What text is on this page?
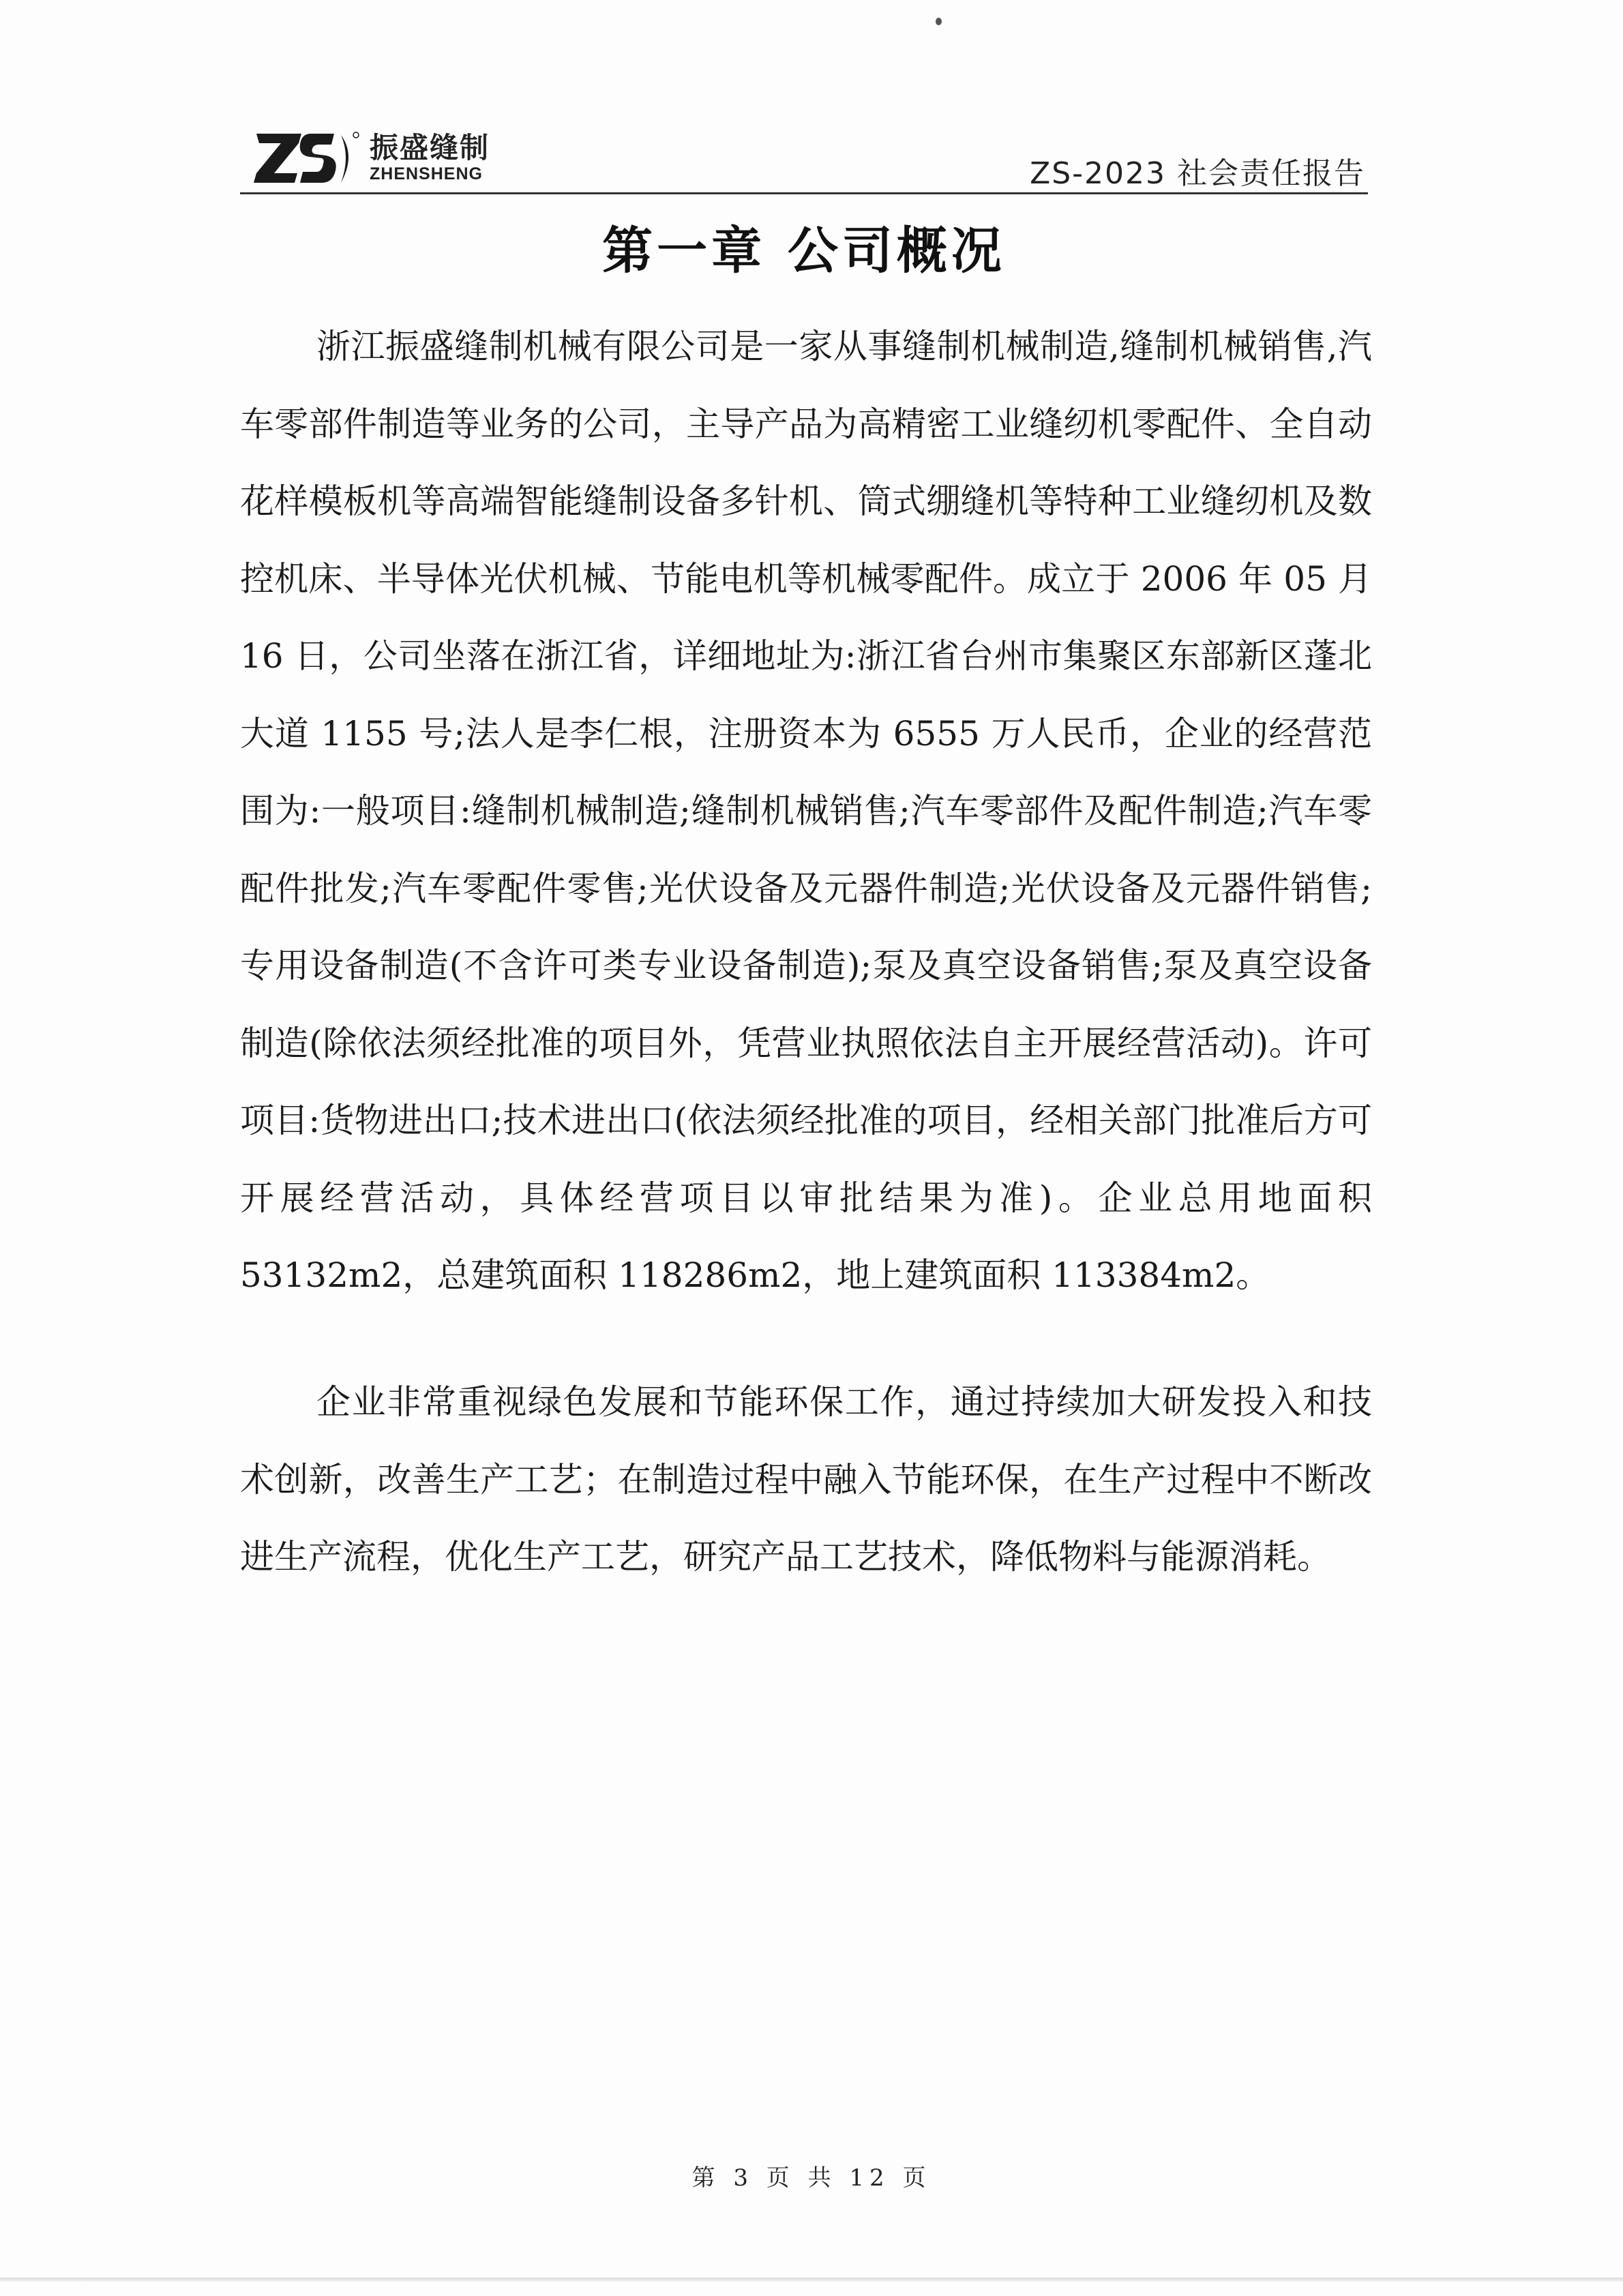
振盛缝制
ZHENSHENG	ZS-2023 社会责任报告
第一章 公司概况

浙江振盛缝制机械有限公司是一家从事缝制机械制造,缝制机械销售,汽车零部件制造等业务的公司，主导产品为高精密工业缝纫机零配件、全自动花样模板机等高端智能缝制设备多针机、筒式绷缝机等特种工业缝纫机及数控机床、半导体光伏机械、节能电机等机械零配件。成立于 2006 年 05 月 16 日，公司坐落在浙江省，详细地址为:浙江省台州市集聚区东部新区蓬北大道 1155 号;法人是李仁根，注册资本为 6555 万人民币，企业的经营范围为:一般项目:缝制机械制造;缝制机械销售;汽车零部件及配件制造;汽车零配件批发;汽车零配件零售;光伏设备及元器件制造;光伏设备及元器件销售;专用设备制造(不含许可类专业设备制造);泵及真空设备销售;泵及真空设备制造(除依法须经批准的项目外，凭营业执照依法自主开展经营活动)。许可项目:货物进出口;技术进出口(依法须经批准的项目，经相关部门批准后方可开展经营活动，具体经营项目以审批结果为准)。企业总用地面积 53132m2，总建筑面积 118286m2，地上建筑面积 113384m2。

企业非常重视绿色发展和节能环保工作，通过持续加大研发投入和技术创新，改善生产工艺；在制造过程中融入节能环保，在生产过程中不断改进生产流程，优化生产工艺，研究产品工艺技术，降低物料与能源消耗。

第 3 页 共 12 页
